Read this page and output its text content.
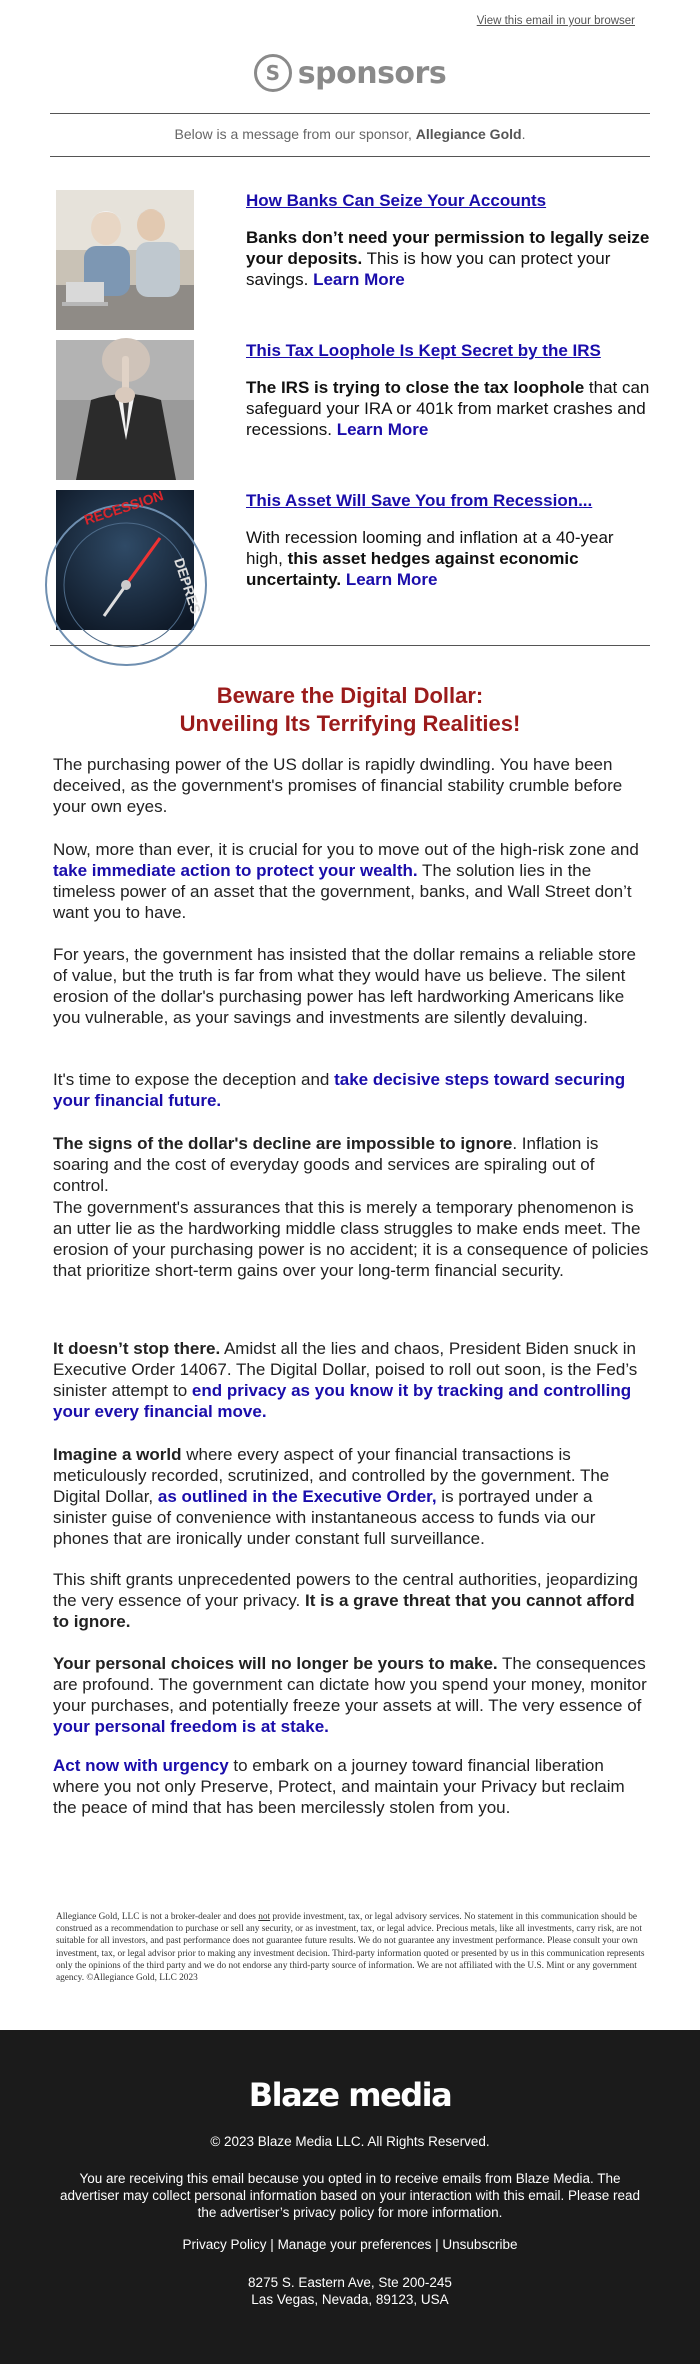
View this email in your browser
S sponsors
Below is a message from our sponsor, Allegiance Gold.
How Banks Can Seize Your Accounts
Banks don’t need your permission to legally seize your deposits. This is how you can protect your savings. Learn More
This Tax Loophole Is Kept Secret by the IRS
The IRS is trying to close the tax loophole that can safeguard your IRA or 401k from market crashes and recessions. Learn More
RECESSION
DEPRES
This Asset Will Save You from Recession...
With recession looming and inflation at a 40-year high, this asset hedges against economic uncertainty. Learn More
Beware the Digital Dollar:
Unveiling Its Terrifying Realities!

The purchasing power of the US dollar is rapidly dwindling. You have been deceived, as the government's promises of financial stability crumble before your own eyes.

Now, more than ever, it is crucial for you to move out of the high-risk zone and take immediate action to protect your wealth. The solution lies in the timeless power of an asset that the government, banks, and Wall Street don’t want you to have.

For years, the government has insisted that the dollar remains a reliable store of value, but the truth is far from what they would have us believe. The silent erosion of the dollar's purchasing power has left hardworking Americans like you vulnerable, as your savings and investments are silently devaluing.

It's time to expose the deception and take decisive steps toward securing your financial future.

The signs of the dollar's decline are impossible to ignore. Inflation is soaring and the cost of everyday goods and services are spiraling out of control.

The government's assurances that this is merely a temporary phenomenon is an utter lie as the hardworking middle class struggles to make ends meet. The erosion of your purchasing power is no accident; it is a consequence of policies that prioritize short-term gains over your long-term financial security.

It doesn’t stop there. Amidst all the lies and chaos, President Biden snuck in Executive Order 14067. The Digital Dollar, poised to roll out soon, is the Fed’s sinister attempt to end privacy as you know it by tracking and controlling your every financial move.

Imagine a world where every aspect of your financial transactions is meticulously recorded, scrutinized, and controlled by the government. The Digital Dollar, as outlined in the Executive Order, is portrayed under a sinister guise of convenience with instantaneous access to funds via our phones that are ironically under constant full surveillance.

This shift grants unprecedented powers to the central authorities, jeopardizing the very essence of your privacy. It is a grave threat that you cannot afford to ignore.

Your personal choices will no longer be yours to make. The consequences are profound. The government can dictate how you spend your money, monitor your purchases, and potentially freeze your assets at will. The very essence of your personal freedom is at stake.

Act now with urgency to embark on a journey toward financial liberation where you not only Preserve, Protect, and maintain your Privacy but reclaim the peace of mind that has been mercilessly stolen from you.

Allegiance Gold, LLC is not a broker-dealer and does not provide investment, tax, or legal advisory services. No statement in this communication should be construed as a recommendation to purchase or sell any security, or as investment, tax, or legal advice. Precious metals, like all investments, carry risk, are not suitable for all investors, and past performance does not guarantee future results. We do not guarantee any investment performance. Please consult your own investment, tax, or legal advisor prior to making any investment decision. Third-party information quoted or presented by us in this communication represents only the opinions of the third party and we do not endorse any third-party source of information. We are not affiliated with the U.S. Mint or any government agency. ©Allegiance Gold, LLC 2023
Blaze media
© 2023 Blaze Media LLC. All Rights Reserved.
You are receiving this email because you opted in to receive emails from Blaze Media. The advertiser may collect personal information based on your interaction with this email. Please read the advertiser’s privacy policy for more information.
Privacy Policy | Manage your preferences | Unsubscribe
8275 S. Eastern Ave, Ste 200-245
Las Vegas, Nevada, 89123, USA
